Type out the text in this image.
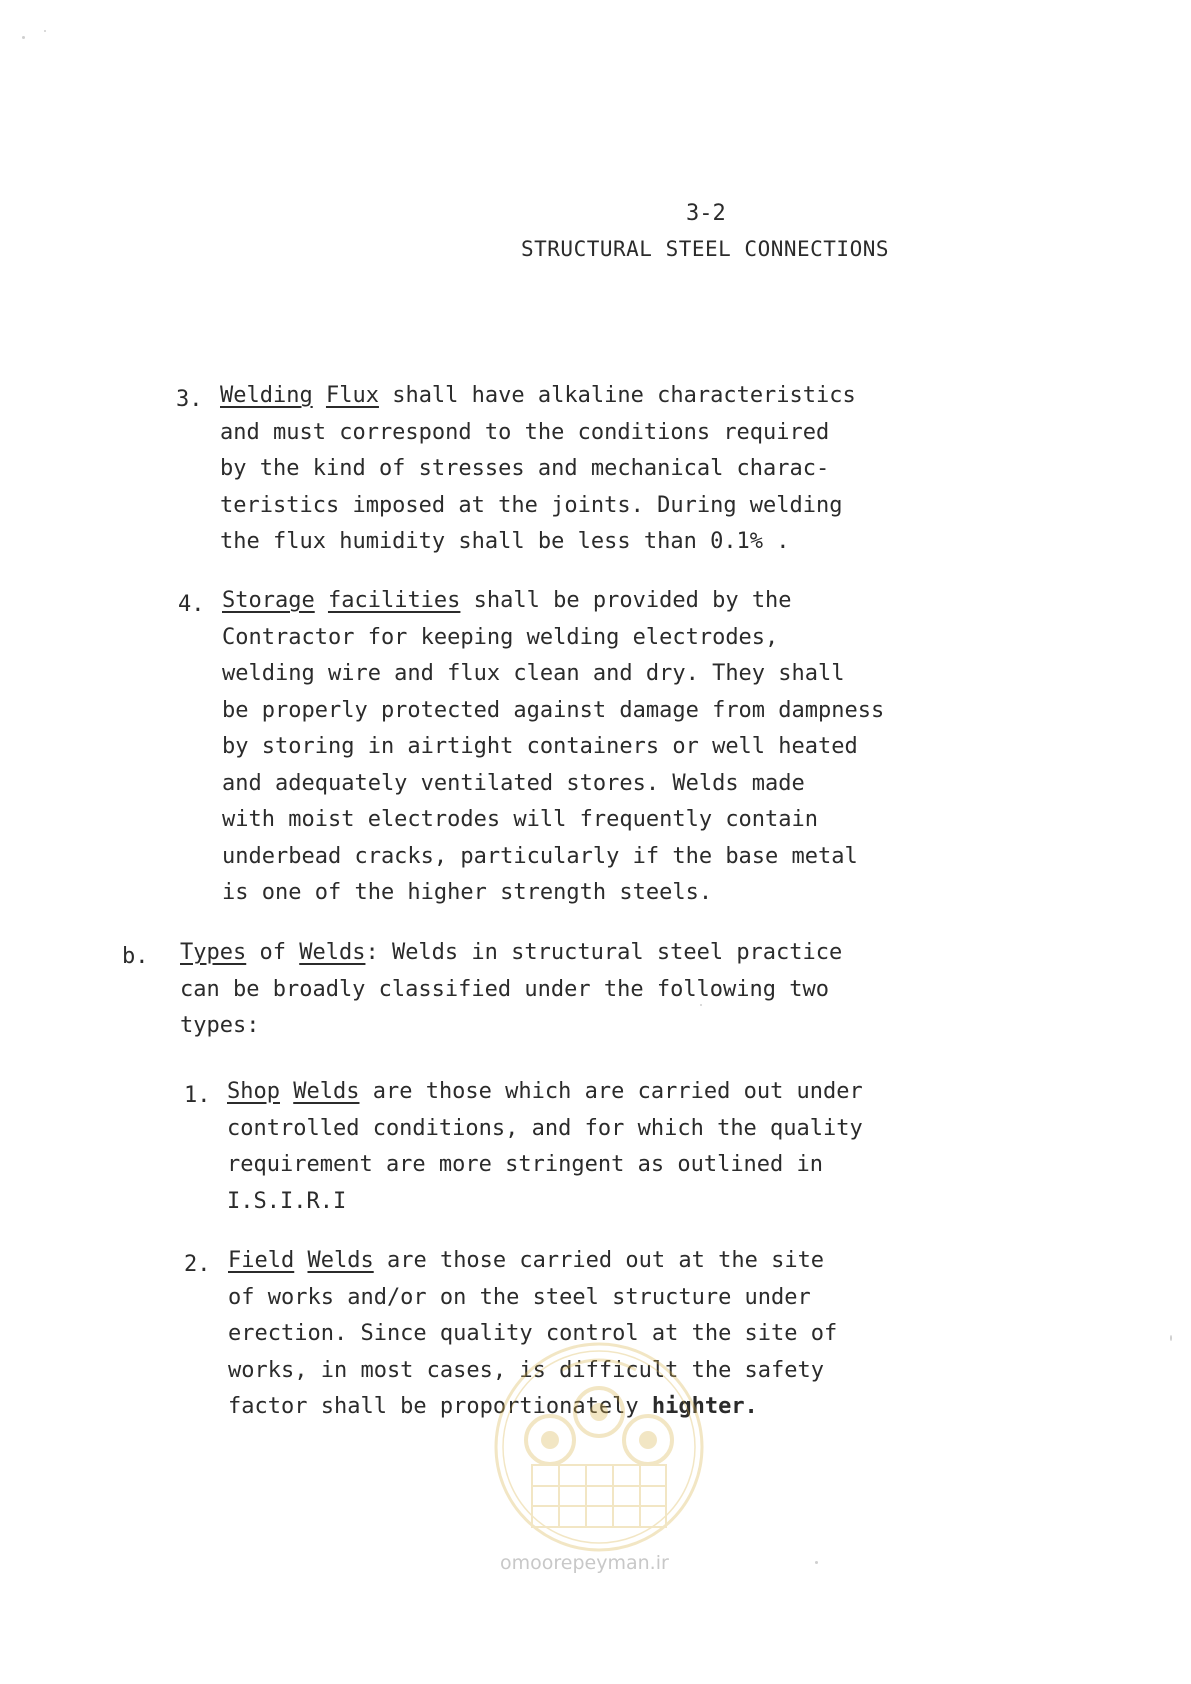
3-2
STRUCTURAL STEEL CONNECTIONS
3. Welding Flux shall have alkaline characteristics
and must correspond to the conditions required
by the kind of stresses and mechanical charac-
teristics imposed at the joints. During welding
the flux humidity shall be less than 0.1% .
4. Storage facilities shall be provided by the
Contractor for keeping welding electrodes,
welding wire and flux clean and dry. They shall
be properly protected against damage from dampness
by storing in airtight containers or well heated
and adequately ventilated stores. Welds made
with moist electrodes will frequently contain
underbead cracks, particularly if the base metal
is one of the higher strength steels.
b. Types of Welds: Welds in structural steel practice
can be broadly classified under the following two
types:
1. Shop Welds are those which are carried out under
controlled conditions, and for which the quality
requirement are more stringent as outlined in
I.S.I.R.I
2. Field Welds are those carried out at the site
of works and/or on the steel structure under
erection. Since quality control at the site of
works, in most cases, is difficult the safety
factor shall be proportionately highter.
omoorepeyman.ir
